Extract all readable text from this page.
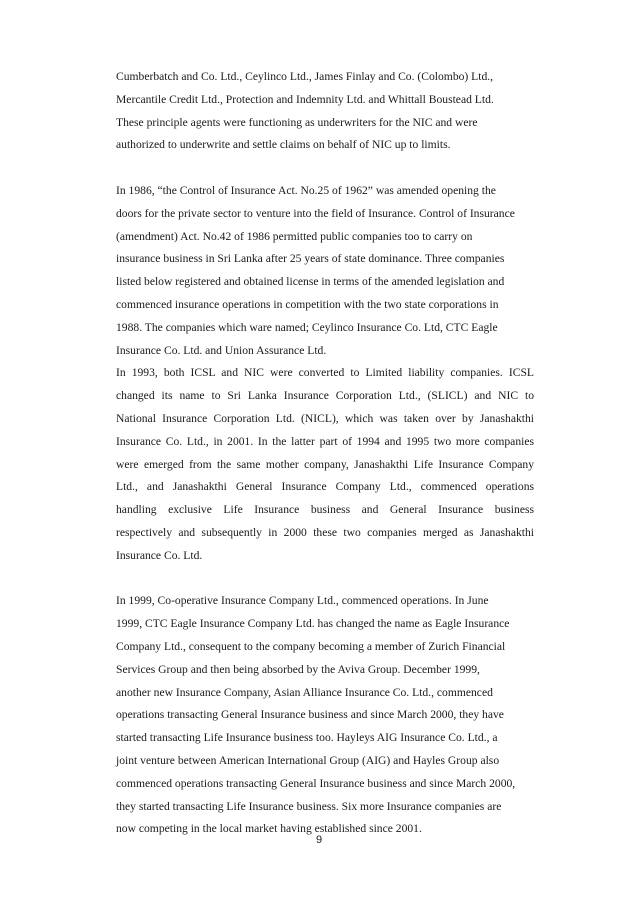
Cumberbatch and Co. Ltd., Ceylinco Ltd., James Finlay and Co. (Colombo) Ltd.,
Mercantile Credit Ltd., Protection and Indemnity Ltd. and Whittall Boustead Ltd.
These principle agents were functioning as underwriters for the NIC and were
authorized to underwrite and settle claims on behalf of NIC up to limits.
In 1986, “the Control of Insurance Act. No.25 of 1962” was amended opening the
doors for the private sector to venture into the field of Insurance. Control of Insurance
(amendment) Act. No.42 of 1986 permitted public companies too to carry on
insurance business in Sri Lanka after 25 years of state dominance. Three companies
listed below registered and obtained license in terms of the amended legislation and
commenced insurance operations in competition with the two state corporations in
1988. The companies which ware named; Ceylinco Insurance Co. Ltd, CTC Eagle
Insurance Co. Ltd. and Union Assurance Ltd.
In 1993, both ICSL and NIC were converted to Limited liability companies. ICSL
changed its name to Sri Lanka Insurance Corporation Ltd., (SLICL) and NIC to
National Insurance Corporation Ltd. (NICL), which was taken over by Janashakthi
Insurance Co. Ltd., in 2001. In the latter part of 1994 and 1995 two more companies
were emerged from the same mother company, Janashakthi Life Insurance Company
Ltd., and Janashakthi General Insurance Company Ltd., commenced operations
handling exclusive Life Insurance business and General Insurance business
respectively and subsequently in 2000 these two companies merged as Janashakthi
Insurance Co. Ltd.
In 1999, Co-operative Insurance Company Ltd., commenced operations. In June
1999, CTC Eagle Insurance Company Ltd. has changed the name as Eagle Insurance
Company Ltd., consequent to the company becoming a member of Zurich Financial
Services Group and then being absorbed by the Aviva Group. December 1999,
another new Insurance Company, Asian Alliance Insurance Co. Ltd., commenced
operations transacting General Insurance business and since March 2000, they have
started transacting Life Insurance business too. Hayleys AIG Insurance Co. Ltd., a
joint venture between American International Group (AIG) and Hayles Group also
commenced operations transacting General Insurance business and since March 2000,
they started transacting Life Insurance business. Six more Insurance companies are
now competing in the local market having established since 2001.
9
